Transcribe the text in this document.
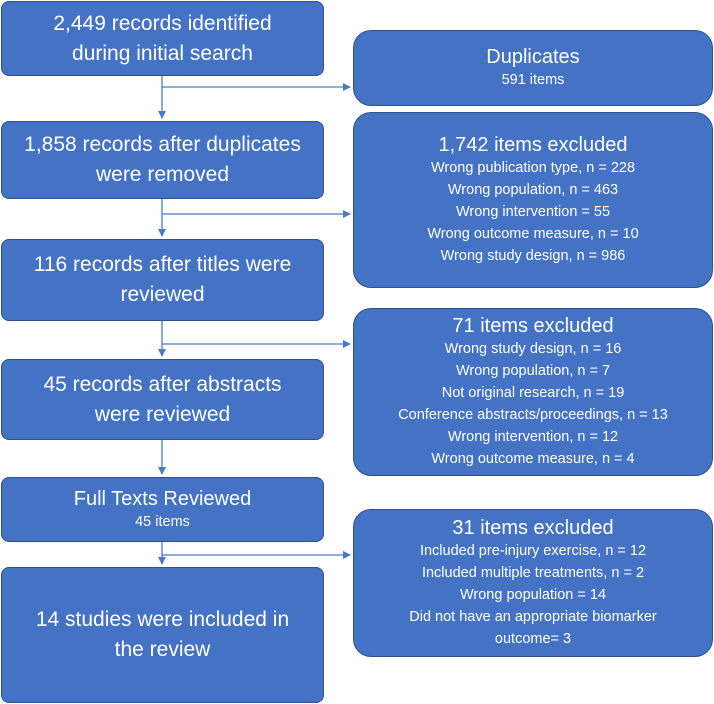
2,449 records identified
during initial search
1,858 records after duplicates
were removed
116 records after titles were
reviewed
45 records after abstracts
were reviewed
Full Texts Reviewed
45 items
14 studies were included in
the review
Duplicates
591 items
1,742 items excluded
Wrong publication type, n = 228
Wrong population, n = 463
Wrong intervention = 55
Wrong outcome measure, n = 10
Wrong study design, n = 986
71 items excluded
Wrong study design, n = 16
Wrong population, n = 7
Not original research, n = 19
Conference abstracts/proceedings, n = 13
Wrong intervention, n = 12
Wrong outcome measure, n = 4
31 items excluded
Included pre-injury exercise, n = 12
Included multiple treatments, n = 2
Wrong population = 14
Did not have an appropriate biomarker
outcome= 3
